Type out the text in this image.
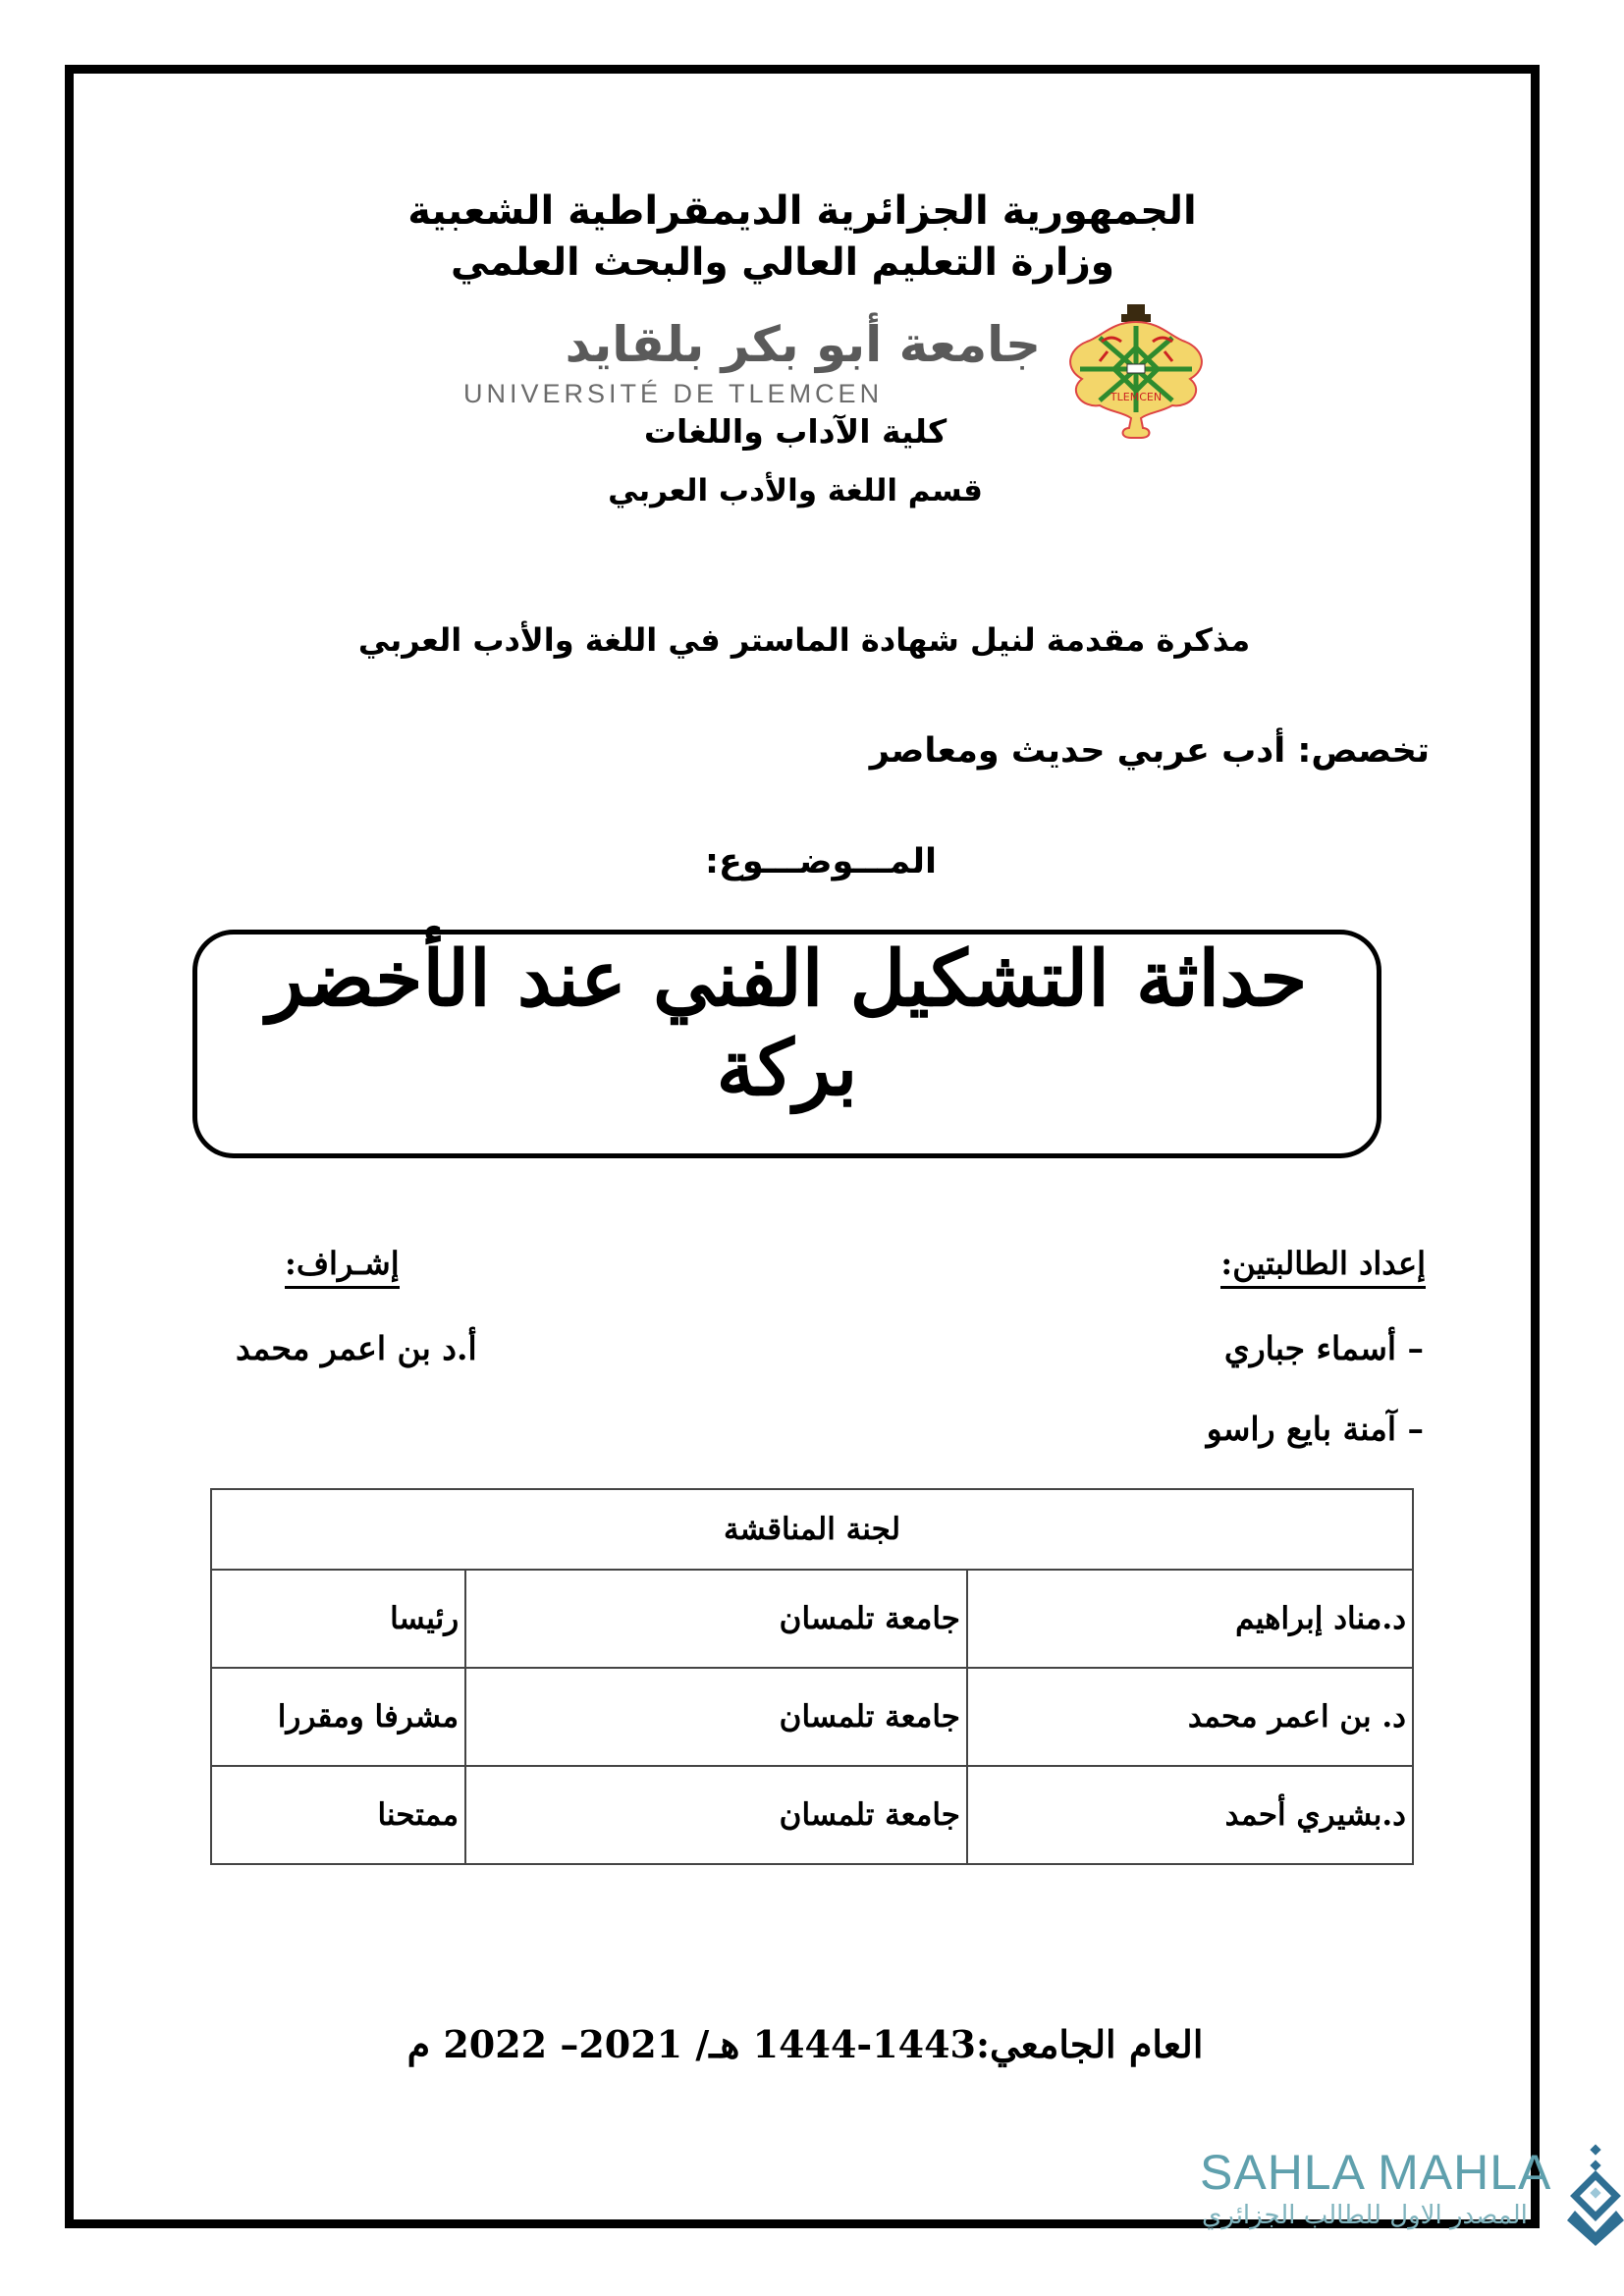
الجمهورية الجزائرية الديمقراطية الشعبية
وزارة التعليم العالي والبحث العلمي
جامعة أبو بكر بلقايد
UNIVERSITÉ DE TLEMCEN	TLEMCEN
كلية الآداب واللغات
قسم اللغة والأدب العربي
مذكرة مقدمة لنيل شهادة الماستر في اللغة والأدب العربي
تخصص: أدب عربي حديث ومعاصر
المـــوضـــوع:
حداثة التشكيل الفني عند الأخضر بركة
إعداد الطالبتين:
إشـراف:
– أسماء جباري
– آمنة بايع راسو
أ.د بن اعمر محمد
لجنة المناقشة		
د.مناد إبراهيم	جامعة تلمسان	رئيسا
د. بن اعمر محمد	جامعة تلمسان	مشرفا ومقررا
د.بشيري أحمد	جامعة تلمسان	ممتحنا
العام الجامعي:1443-1444 هـ/ 2021– 2022 م
SAHLA MAHLA
المصدر الاول للطالب الجزائري
